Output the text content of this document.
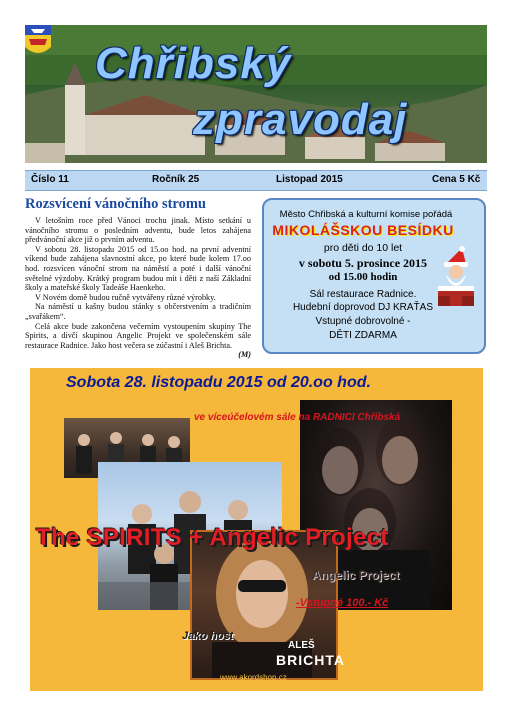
Chřibský
zpravodaj
Číslo 11	Ročník 25	Listopad 2015	Cena 5 Kč
Rozsvícení vánočního stromu

V letošním roce před Vánoci trochu jinak. Místo setkání u vánočního stromu o posledním adventu, bude letos zahájena předvánoční akce již o prvním adventu.

V sobotu 28. listopadu 2015 od 15.oo hod. na první adventní víkend bude zahájena slavnostní akce, po které bude kolem 17.oo hod. rozsvícen vánoční strom na náměstí a poté i další vánoční světelné výzdoby. Krátký program budou mít i děti z naší Základní školy a mateřské školy Tadeáše Haenkeho.

V Novém domě budou ručně vytvářeny různé výrobky.

Na náměstí u kašny budou stánky s občerstvením a tradičním „svařákem“.

Celá akce bude zakončena večerním vystoupením skupiny The Spirits, a dívčí skupinou Angelic Projekt ve společenském sále restaurace Radnice. Jako host večera se zúčastní i Aleš Brichta.
(M)

Město Chřibská a kulturní komise pořádá
MIKOLÁŠSKOU BESÍDKU
pro děti do 10 let
v sobotu 5. prosince 2015
od 15.00 hodin
Sál restaurace Radnice.
Hudební doprovod DJ KRAŤAS
Vstupné dobrovolné -
DĚTI ZDARMA
Sobota 28. listopadu 2015 od 20.oo hod.
ve víceúčelovém sále na RADNICI Chřibská
The SPIRITS + Angelic Project
Angelic Project
-Vstupné 100.- Kč
Jako host
ALEŠ
BRICHTA
www.akordshop.cz
